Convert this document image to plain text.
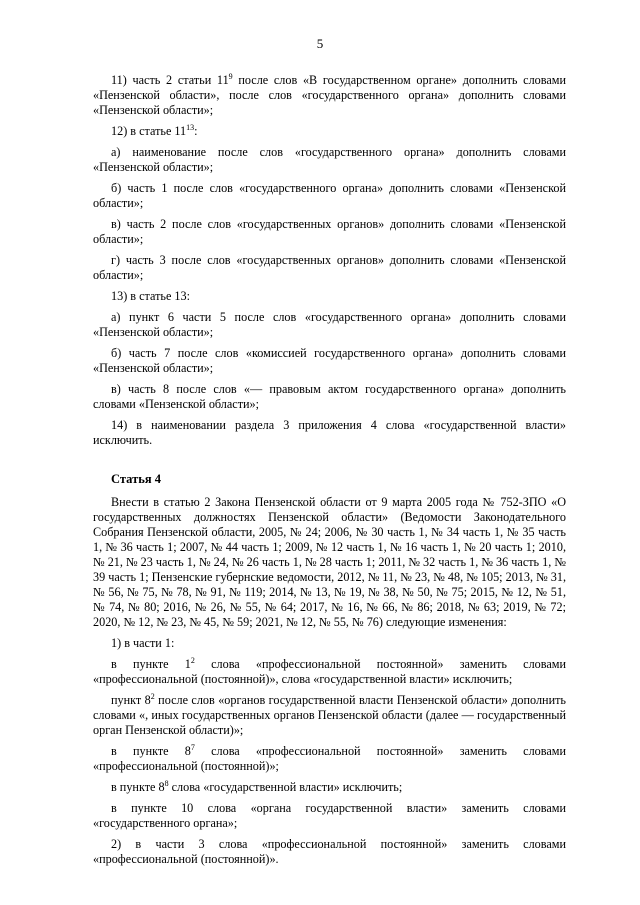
5

11) часть 2 статьи $11^9$ после слов «В государственном органе» дополнить словами «Пензенской области», после слов «государственного органа» дополнить словами «Пензенской области»;

12) в статье $11^{13}$:

а) наименование после слов «государственного органа» дополнить словами «Пензенской области»;

б) часть 1 после слов «государственного органа» дополнить словами «Пензенской области»;

в) часть 2 после слов «государственных органов» дополнить словами «Пензенской области»;

г) часть 3 после слов «государственных органов» дополнить словами «Пензенской области»;

13) в статье 13:

а) пункт 6 части 5 после слов «государственного органа» дополнить словами «Пензенской области»;

б) часть 7 после слов «комиссией государственного органа» дополнить словами «Пензенской области»;

в) часть 8 после слов «— правовым актом государственного органа» дополнить словами «Пензенской области»;

14) в наименовании раздела 3 приложения 4 слова «государственной власти» исключить.

Статья 4

Внести в статью 2 Закона Пензенской области от 9 марта 2005 года № 752-ЗПО «О государственных должностях Пензенской области» (Ведомости Законодательного Собрания Пензенской области, 2005, № 24; 2006, № 30 часть 1, № 34 часть 1, № 35 часть 1, № 36 часть 1; 2007, № 44 часть 1; 2009, № 12 часть 1, № 16 часть 1, № 20 часть 1; 2010, № 21, № 23 часть 1, № 24, № 26 часть 1, № 28 часть 1; 2011, № 32 часть 1, № 36 часть 1, № 39 часть 1; Пензенские губернские ведомости, 2012, № 11, № 23, № 48, № 105; 2013, № 31, № 56, № 75, № 78, № 91, № 119; 2014, № 13, № 19, № 38, № 50, № 75; 2015, № 12, № 51, № 74, № 80; 2016, № 26, № 55, № 64; 2017, № 16, № 66, № 86; 2018, № 63; 2019, № 72; 2020, № 12, № 23, № 45, № 59; 2021, № 12, № 55, № 76) следующие изменения:

1) в части 1:

в пункте $1^2$ слова «профессиональной постоянной» заменить словами «профессиональной (постоянной)», слова «государственной власти» исключить;

пункт $8^2$ после слов «органов государственной власти Пензенской области» дополнить словами «, иных государственных органов Пензенской области (далее — государственный орган Пензенской области)»;

в пункте $8^7$ слова «профессиональной постоянной» заменить словами «профессиональной (постоянной)»;

в пункте $8^8$ слова «государственной власти» исключить;

в пункте 10 слова «органа государственной власти» заменить словами «государственного органа»;

2) в части 3 слова «профессиональной постоянной» заменить словами «профессиональной (постоянной)».
